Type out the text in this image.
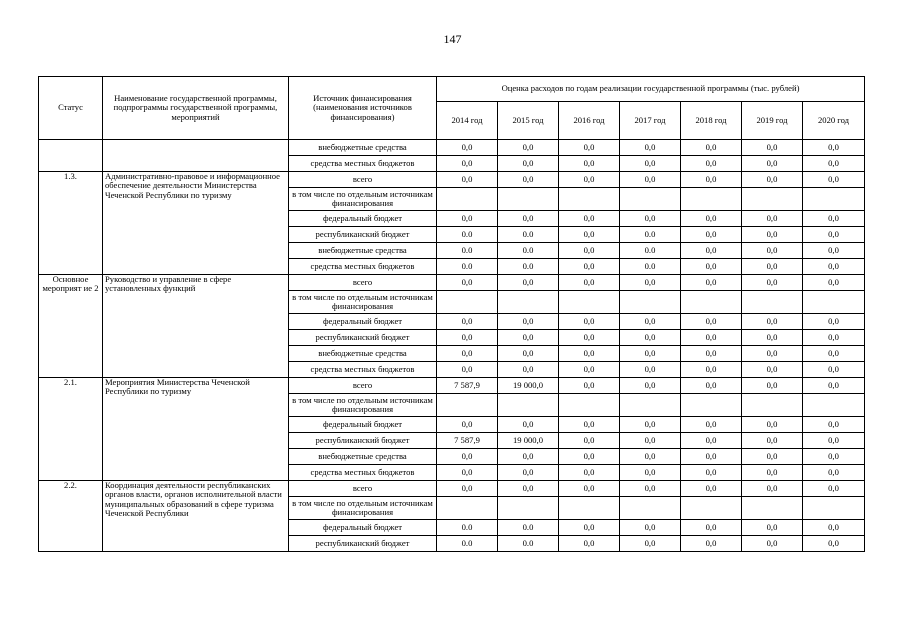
147
Статус	Наименование государственной программы, подпрограммы государственной программы, мероприятий	Источник финансирования (наименования источников финансирования)	Оценка расходов по годам реализации государственной программы (тыс. рублей)						
			2014 год	2015 год	2016 год	2017 год	2018 год	2019 год	2020 год
		внебюджетные средства	0,0	0,0	0,0	0,0	0,0	0,0	0,0
		средства местных бюджетов	0,0	0,0	0,0	0,0	0,0	0,0	0,0
1.3.	Административно-правовое и информационное обеспечение деятельности Министерства Чеченской Республики по туризму	всего	0,0	0,0	0,0	0,0	0,0	0,0	0,0
		в том числе по отдельным источникам финансирования							
		федеральный бюджет	0,0	0,0	0,0	0,0	0,0	0,0	0,0
		республиканский бюджет	0.0	0.0	0,0	0.0	0,0	0,0	0,0
		внебюджетные средства	0.0	0.0	0,0	0.0	0,0	0,0	0,0
		средства местных бюджетов	0.0	0.0	0,0	0.0	0,0	0,0	0,0
Основное мероприят ие 2	Руководство и управление в сфере установленных функций	всего	0,0	0,0	0,0	0,0	0,0	0,0	0,0
		в том числе по отдельным источникам финансирования							
		федеральный бюджет	0,0	0,0	0,0	0,0	0,0	0,0	0,0
		республиканский бюджет	0,0	0,0	0,0	0,0	0,0	0,0	0,0
		внебюджетные средства	0,0	0,0	0,0	0,0	0,0	0,0	0,0
		средства местных бюджетов	0,0	0,0	0,0	0,0	0,0	0,0	0,0
2.1.	Мероприятия Министерства Чеченской Республики по туризму	всего	7 587,9	19 000,0	0,0	0,0	0,0	0,0	0,0
		в том числе по отдельным источникам финансирования							
		федеральный бюджет	0,0	0,0	0,0	0,0	0,0	0,0	0,0
		республиканский бюджет	7 587,9	19 000,0	0,0	0,0	0,0	0,0	0,0
		внебюджетные средства	0,0	0,0	0,0	0,0	0,0	0,0	0,0
		средства местных бюджетов	0,0	0,0	0,0	0,0	0,0	0,0	0,0
2.2.	Координация деятельности республиканских органов власти, органов исполнительной власти муниципальных образований в сфере туризма Чеченской Республики	всего	0,0	0,0	0,0	0,0	0,0	0,0	0,0
		в том числе по отдельным источникам финансирования							
		федеральный бюджет	0.0	0.0	0,0	0,0	0,0	0,0	0,0
		республиканский бюджет	0.0	0.0	0,0	0,0	0,0	0,0	0,0
